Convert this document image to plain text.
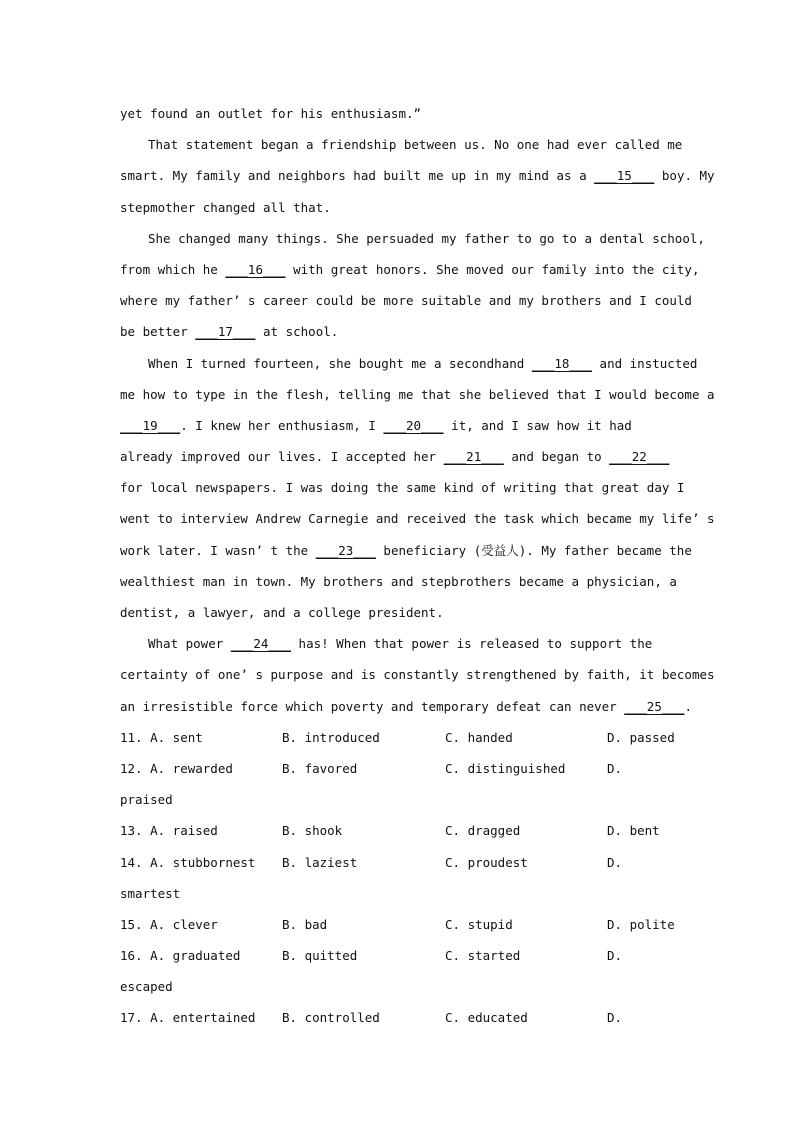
yet found an outlet for his enthusiasm.”
That statement began a friendship between us. No one had ever called me
smart. My family and neighbors had built me up in my mind as a ___15___ boy. My
stepmother changed all that.
She changed many things. She persuaded my father to go to a dental school,
from which he ___16___ with great honors. She moved our family into the city,
where my father’ s career could be more suitable and my brothers and I could
be better ___17___ at school.
When I turned fourteen, she bought me a secondhand ___18___ and instucted
me how to type in the flesh, telling me that she believed that I would become a
___19___. I knew her enthusiasm, I ___20___ it, and I saw how it had
already improved our lives. I accepted her ___21___ and began to ___22___
for local newspapers. I was doing the same kind of writing that great day I
went to interview Andrew Carnegie and received the task which became my life’ s
work later. I wasn’ t the ___23___ beneficiary (受益人). My father became the
wealthiest man in town. My brothers and stepbrothers became a physician, a
dentist, a lawyer, and a college president.
What power ___24___ has! When that power is released to support the
certainty of one’ s purpose and is constantly strengthened by faith, it becomes
an irresistible force which poverty and temporary defeat can never ___25___.
11. A. sent	B. introduced	C. handed	D. passed
12. A. rewarded	B. favored	C. distinguished	D.
praised
13. A. raised	B. shook	C. dragged	D. bent
14. A. stubbornest B. laziest	C. proudest	D.
smartest
15. A. clever	B. bad	C. stupid	D. polite
16. A. graduated	B. quitted	C. started	D.
escaped
17. A. entertained B. controlled	C. educated	D.
